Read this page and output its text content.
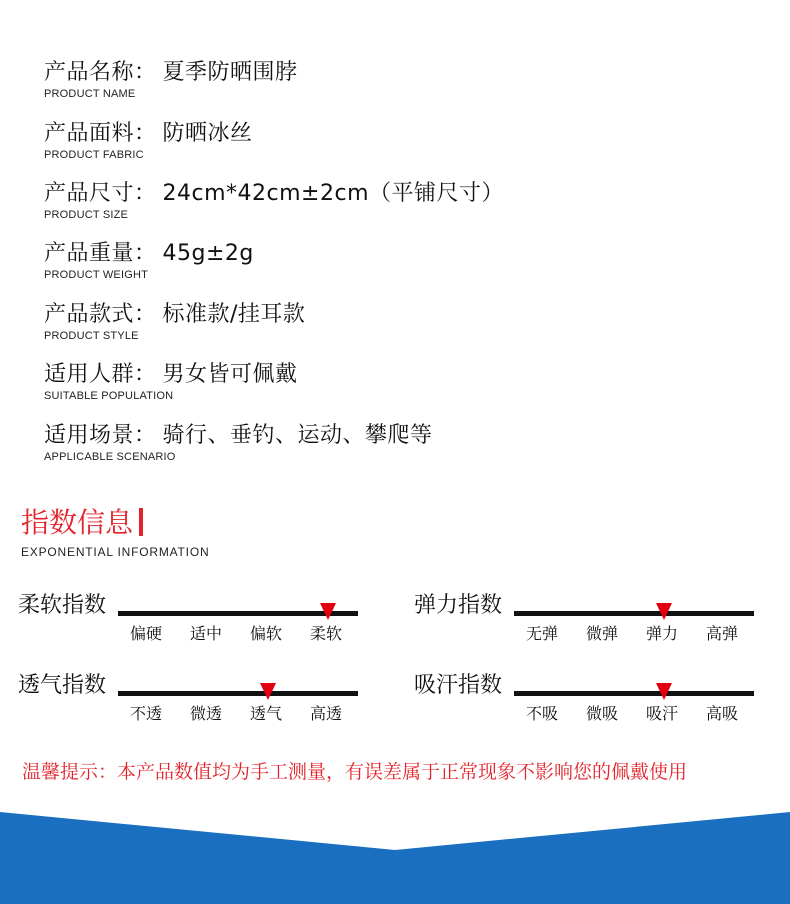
产品名称： 夏季防晒围脖
PRODUCT NAME
产品面料： 防晒冰丝
PRODUCT FABRIC
产品尺寸： 24cm*42cm±2cm（平铺尺寸）
PRODUCT SIZE
产品重量： 45g±2g
PRODUCT WEIGHT
产品款式： 标准款/挂耳款
PRODUCT STYLE
适用人群： 男女皆可佩戴
SUITABLE POPULATION
适用场景： 骑行、垂钓、运动、攀爬等
APPLICABLE SCENARIO
指数信息
EXPONENTIAL INFORMATION
柔软指数
偏硬 适中 偏软 柔软
弹力指数
无弹 微弹 弹力 高弹
透气指数
不透 微透 透气 高透
吸汗指数
不吸 微吸 吸汗 高吸
温馨提示：本产品数值均为手工测量，有误差属于正常现象不影响您的佩戴使用
